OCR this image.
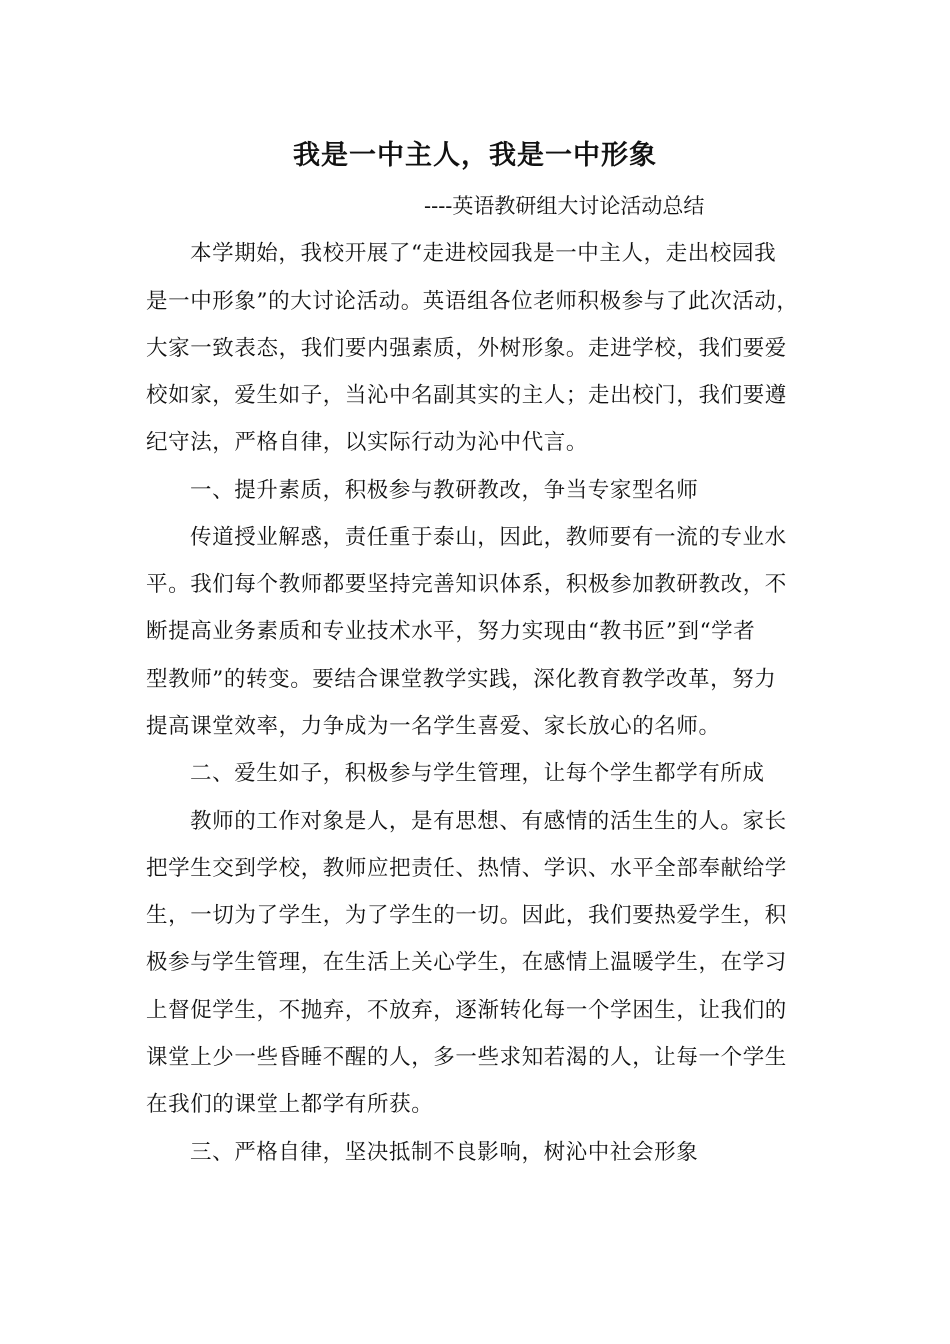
我是一中主人，我是一中形象
----英语教研组大讨论活动总结
本学期始，我校开展了“走进校园我是一中主人，走出校园我
是一中形象”的大讨论活动。英语组各位老师积极参与了此次活动，
大家一致表态，我们要内强素质，外树形象。走进学校，我们要爱
校如家，爱生如子，当沁中名副其实的主人；走出校门，我们要遵
纪守法，严格自律，以实际行动为沁中代言。
一、提升素质，积极参与教研教改，争当专家型名师
传道授业解惑，责任重于泰山，因此，教师要有一流的专业水
平。我们每个教师都要坚持完善知识体系，积极参加教研教改，不
断提高业务素质和专业技术水平，努力实现由“教书匠”到“学者
型教师”的转变。要结合课堂教学实践，深化教育教学改革，努力
提高课堂效率，力争成为一名学生喜爱、家长放心的名师。
二、爱生如子，积极参与学生管理，让每个学生都学有所成
教师的工作对象是人，是有思想、有感情的活生生的人。家长
把学生交到学校，教师应把责任、热情、学识、水平全部奉献给学
生，一切为了学生，为了学生的一切。因此，我们要热爱学生，积
极参与学生管理，在生活上关心学生，在感情上温暖学生，在学习
上督促学生，不抛弃，不放弃，逐渐转化每一个学困生，让我们的
课堂上少一些昏睡不醒的人，多一些求知若渴的人，让每一个学生
在我们的课堂上都学有所获。
三、严格自律，坚决抵制不良影响，树沁中社会形象
